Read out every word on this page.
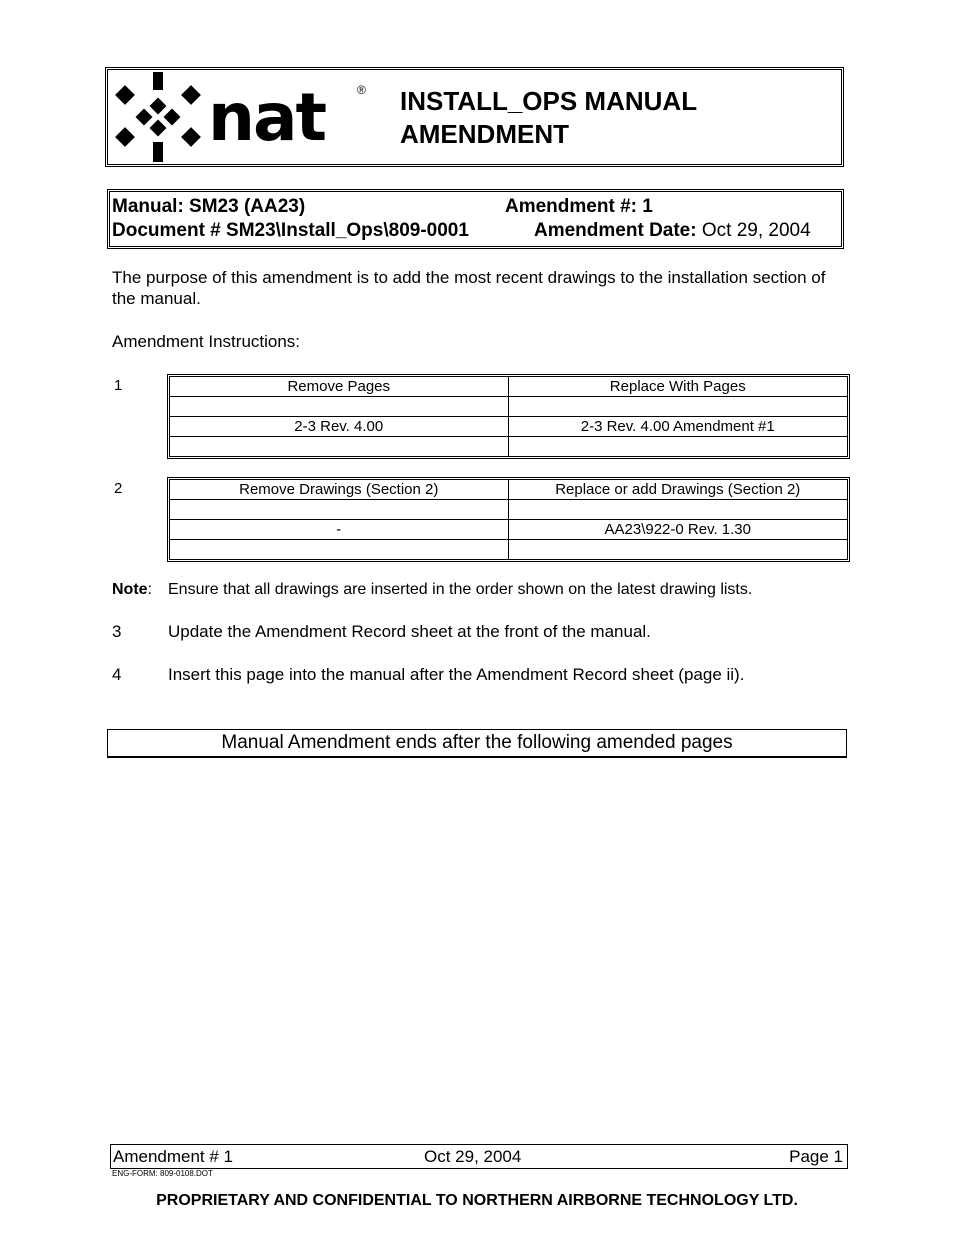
nat	® INSTALL_OPS MANUAL
AMENDMENT
Manual: SM23 (AA23)	Amendment #: 1
Document # SM23\Install_Ops\809-0001	Amendment Date: Oct 29, 2004
The purpose of this amendment is to add the most recent drawings to the installation section of the manual.
Amendment Instructions:
1	Remove Pages	Replace With Pages

2-3 Rev. 4.00	2-3 Rev. 4.00 Amendment #1

2	Remove Drawings (Section 2)	Replace or add Drawings (Section 2)

-	AA23\922-0 Rev. 1.30

Note: Ensure that all drawings are inserted in the order shown on the latest drawing lists.
3	Update the Amendment Record sheet at the front of the manual.
4	Insert this page into the manual after the Amendment Record sheet (page ii).
Manual Amendment ends after the following amended pages
Amendment # 1	Oct 29, 2004	Page 1
ENG-FORM: 809-0108.DOT
PROPRIETARY AND CONFIDENTIAL TO NORTHERN AIRBORNE TECHNOLOGY LTD.
